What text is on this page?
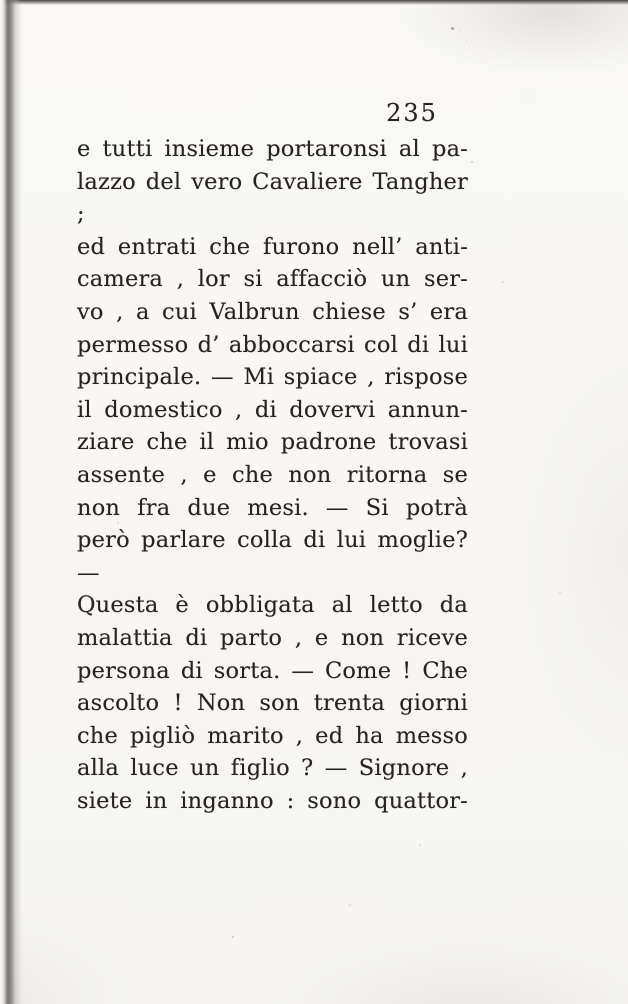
235
e tutti insieme portaronsi al pa-
lazzo del vero Cavaliere Tangher ;
ed entrati che furono nell’ anti-
camera , lor si affacciò un ser-
vo , a cui Valbrun chiese s’ era
permesso d’ abboccarsi col di lui
principale. — Mi spiace , rispose
il domestico , di dovervi annun-
ziare che il mio padrone trovasi
assente , e che non ritorna se
non fra due mesi. — Si potrà
però parlare colla di lui moglie?—
Questa è obbligata al letto da
malattia di parto , e non riceve
persona di sorta. — Come ! Che
ascolto ! Non son trenta giorni
che pigliò marito , ed ha messo
alla luce un figlio ? — Signore ,
siete in inganno : sono quattor-
